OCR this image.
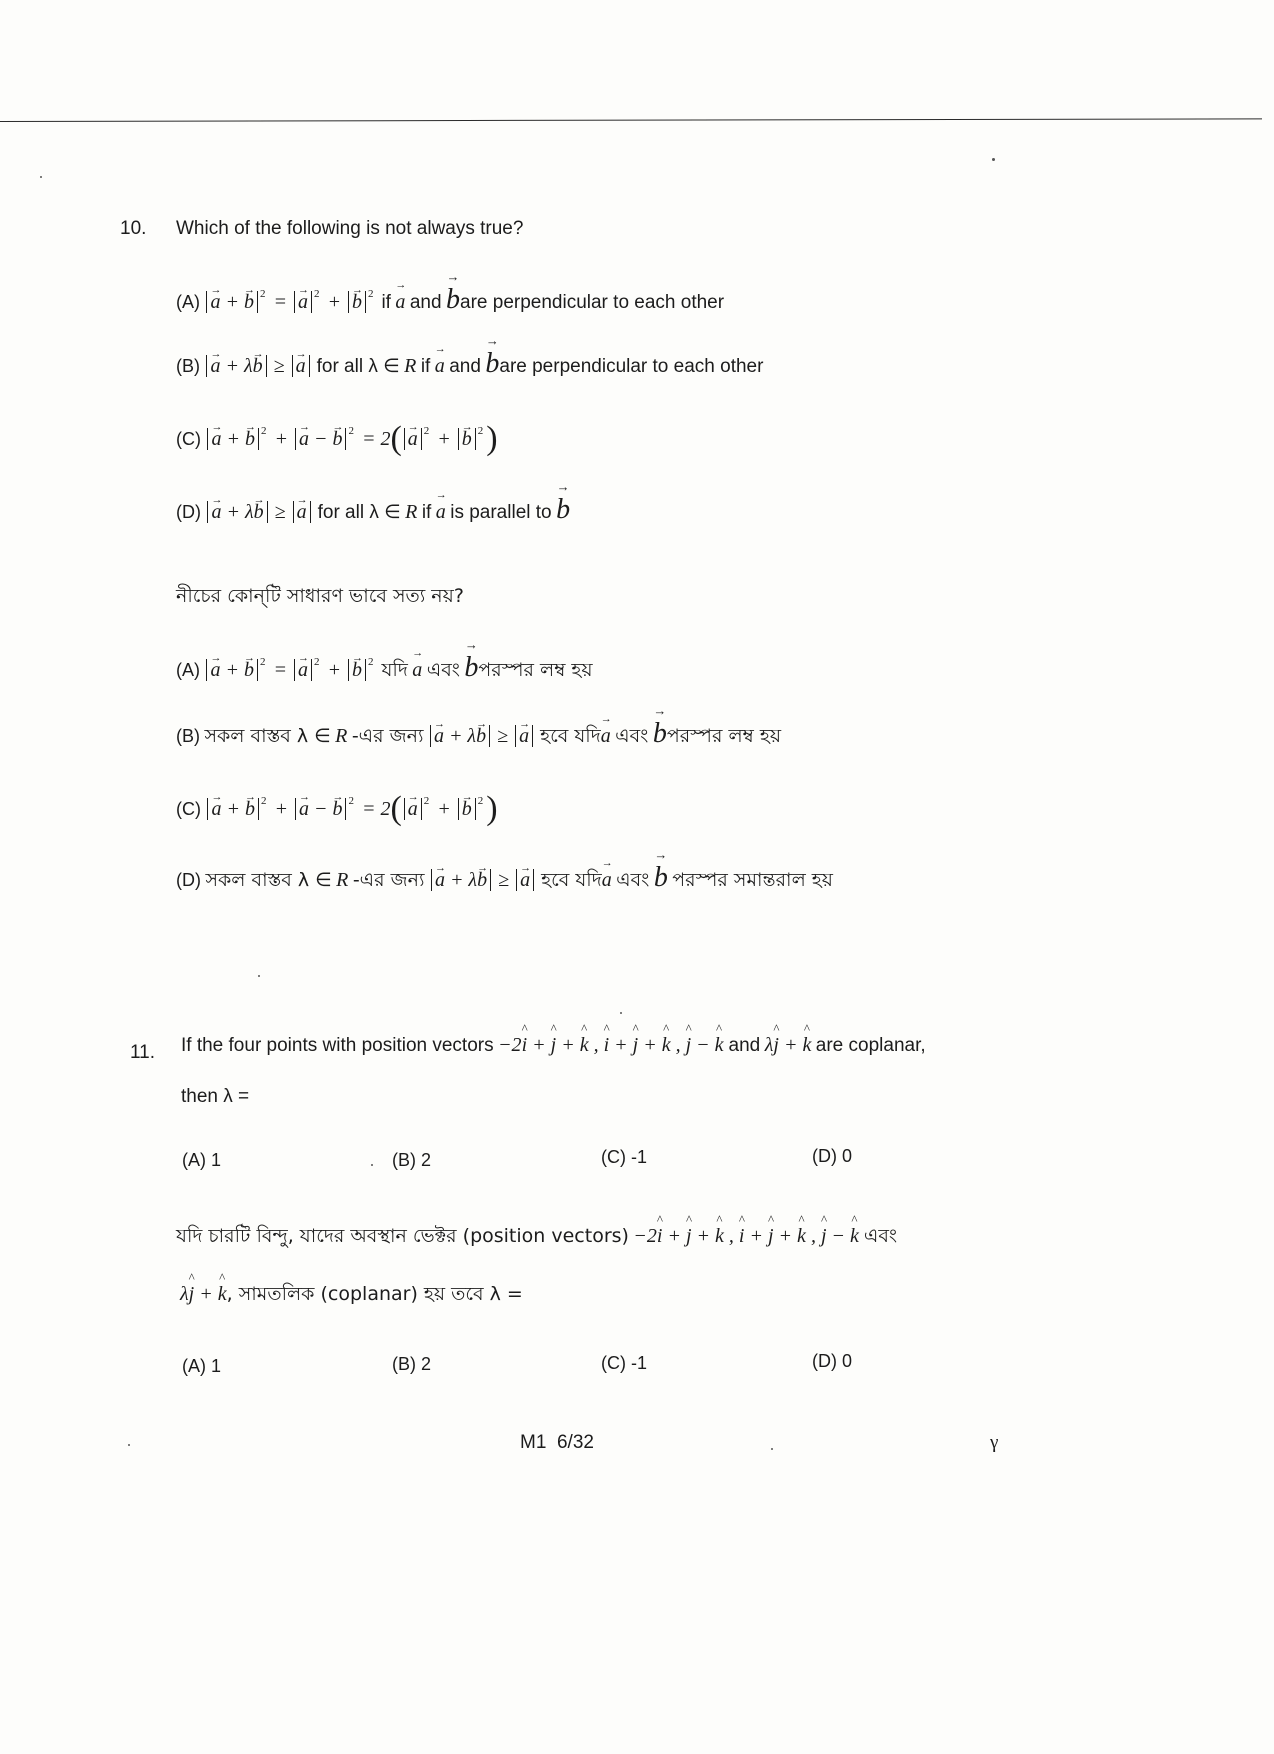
10. Which of the following is not always true?
(A) → a + → b $^2$ = → a $^2$ + → b $^2$ if → a and → bare perpendicular to each other
(B) → a + λ→ b ≥ → a for all λ ∈ R if → a and → bare perpendicular to each other
(C) → a + → b $^2$ + → a − → b $^2$ = 2( → a $^2$ + → b $^2$)
(D) → a + λ→ b ≥ → a for all λ ∈ R if → a is parallel to → b
নীচের কোন্‌টি সাধারণ ভাবে সত্য নয়?
(A) → a + → b $^2$ = → a $^2$ + → b $^2$ যদি → a এবং → bপরস্পর লম্ব হয়
(B) সকল বাস্তব λ ∈ R -এর জন্য → a + λ→ b ≥ → a হবে যদি→ a এবং → bপরস্পর লম্ব হয়
(C) → a + → b $^2$ + → a − → b $^2$ = 2( → a $^2$ + → b $^2$)
(D) সকল বাস্তব λ ∈ R -এর জন্য → a + λ→ b ≥ → a হবে যদি→ a এবং → b পরস্পর সমান্তরাল হয়
11. If the four points with position vectors −2^ i + ^ j + ^ k , ^ i + ^ j + ^ k , ^ j − ^ k and λ^ j + ^ k are coplanar,
then λ =
(A) 1	(B) 2	(C) -1	(D) 0
যদি চারটি বিন্দু, যাদের অবস্থান ভেক্টর (position vectors) −2^ i + ^ j + ^ k , ^ i + ^ j + ^ k , ^ j − ^ k এবং
λ^ j + ^ k, সামতলিক (coplanar) হয় তবে λ =
(A) 1	(B) 2	(C) -1	(D) 0
M1 6/32	γ
